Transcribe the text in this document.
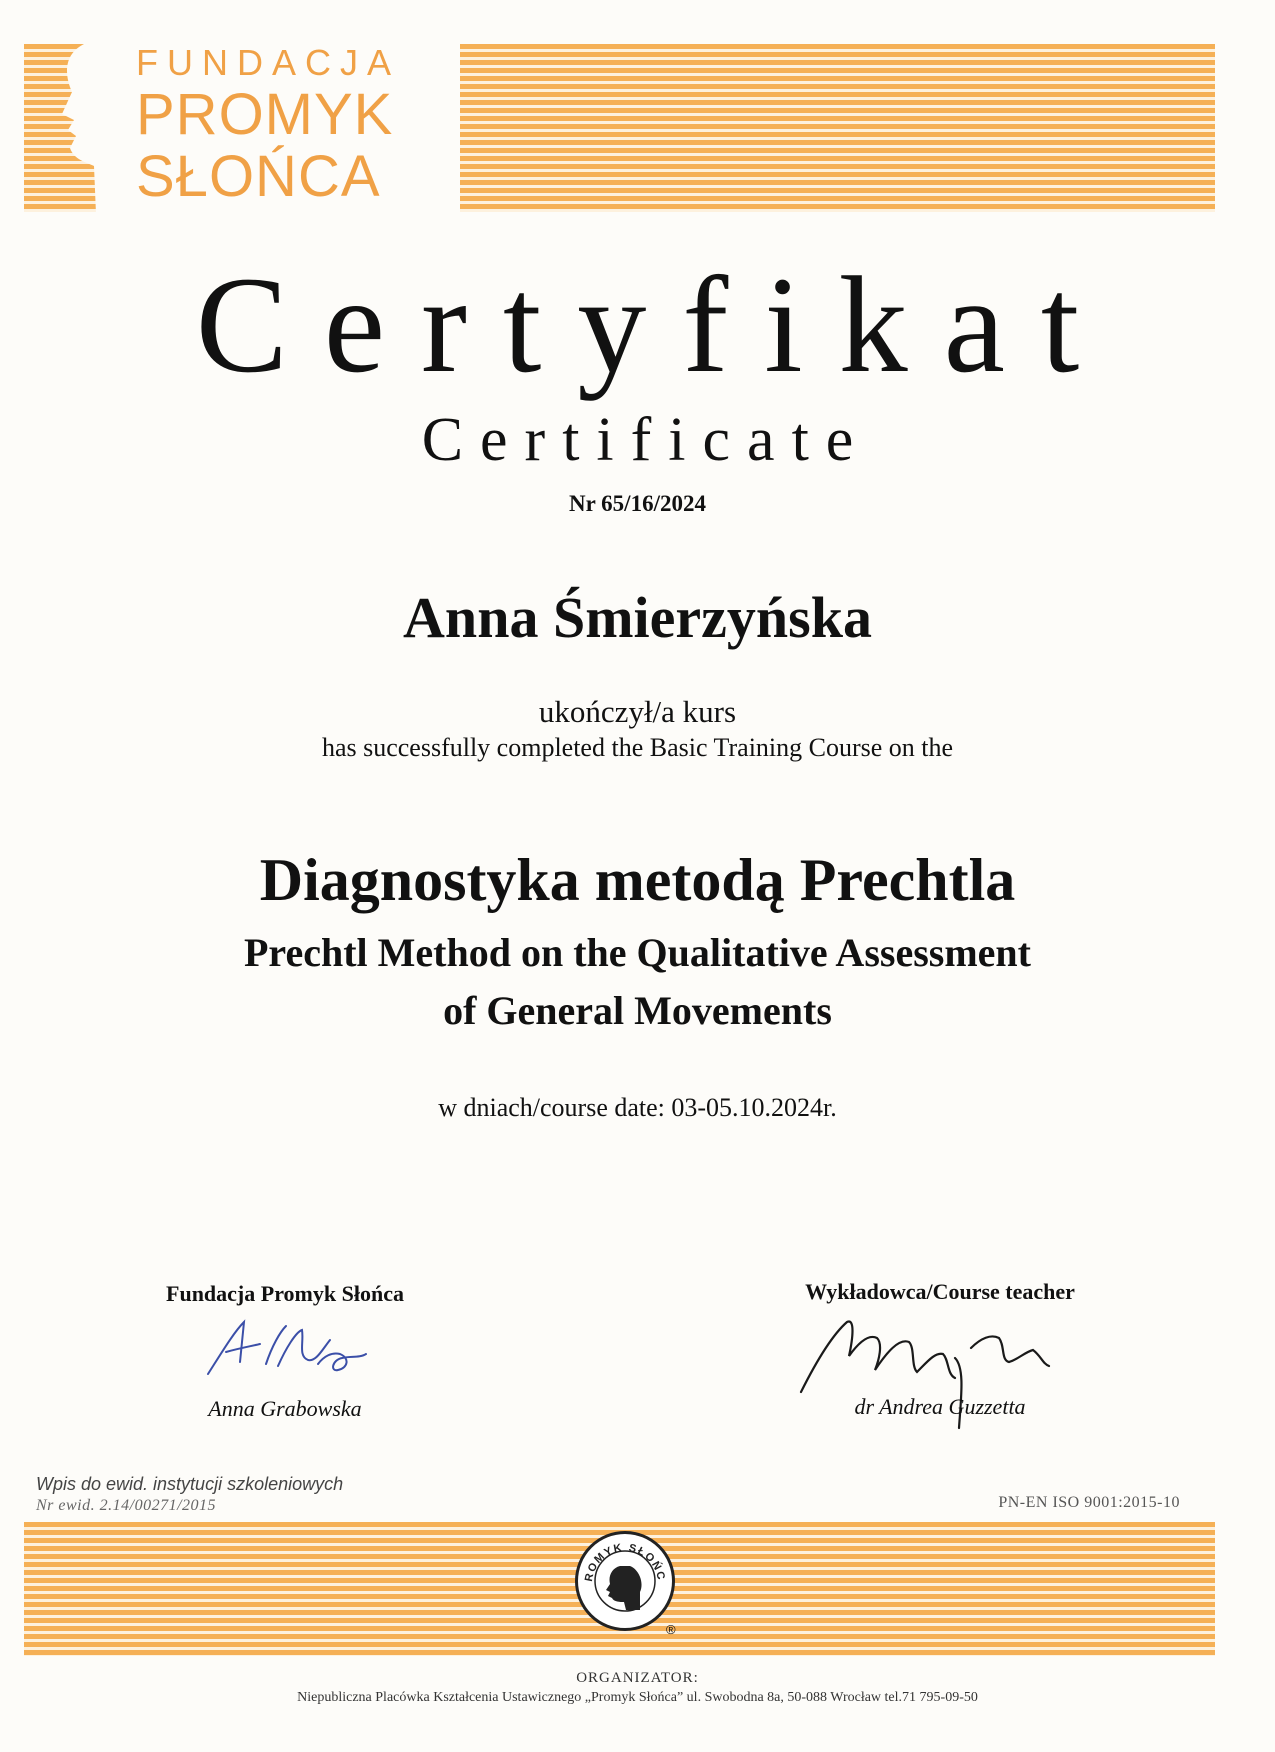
FUNDACJA
PROMYK
SŁOŃCA
Certyfikat
Certificate
Nr 65/16/2024
Anna Śmierzyńska
ukończył/a kurs
has successfully completed the Basic Training Course on the
Diagnostyka metodą Prechtla
Prechtl Method on the Qualitative Assessment
of General Movements
w dniach/course date: 03-05.10.2024r.
Fundacja Promyk Słońca
Anna Grabowska
Wykładowca/Course teacher
dr Andrea Guzzetta
Wpis do ewid. instytucji szkoleniowych
Nr ewid. 2.14/00271/2015	PN-EN ISO 9001:2015-10
ROMYK SŁOŃC
®
ORGANIZATOR:
Niepubliczna Placówka Kształcenia Ustawicznego „Promyk Słońca” ul. Swobodna 8a, 50-088 Wrocław tel.71 795-09-50
